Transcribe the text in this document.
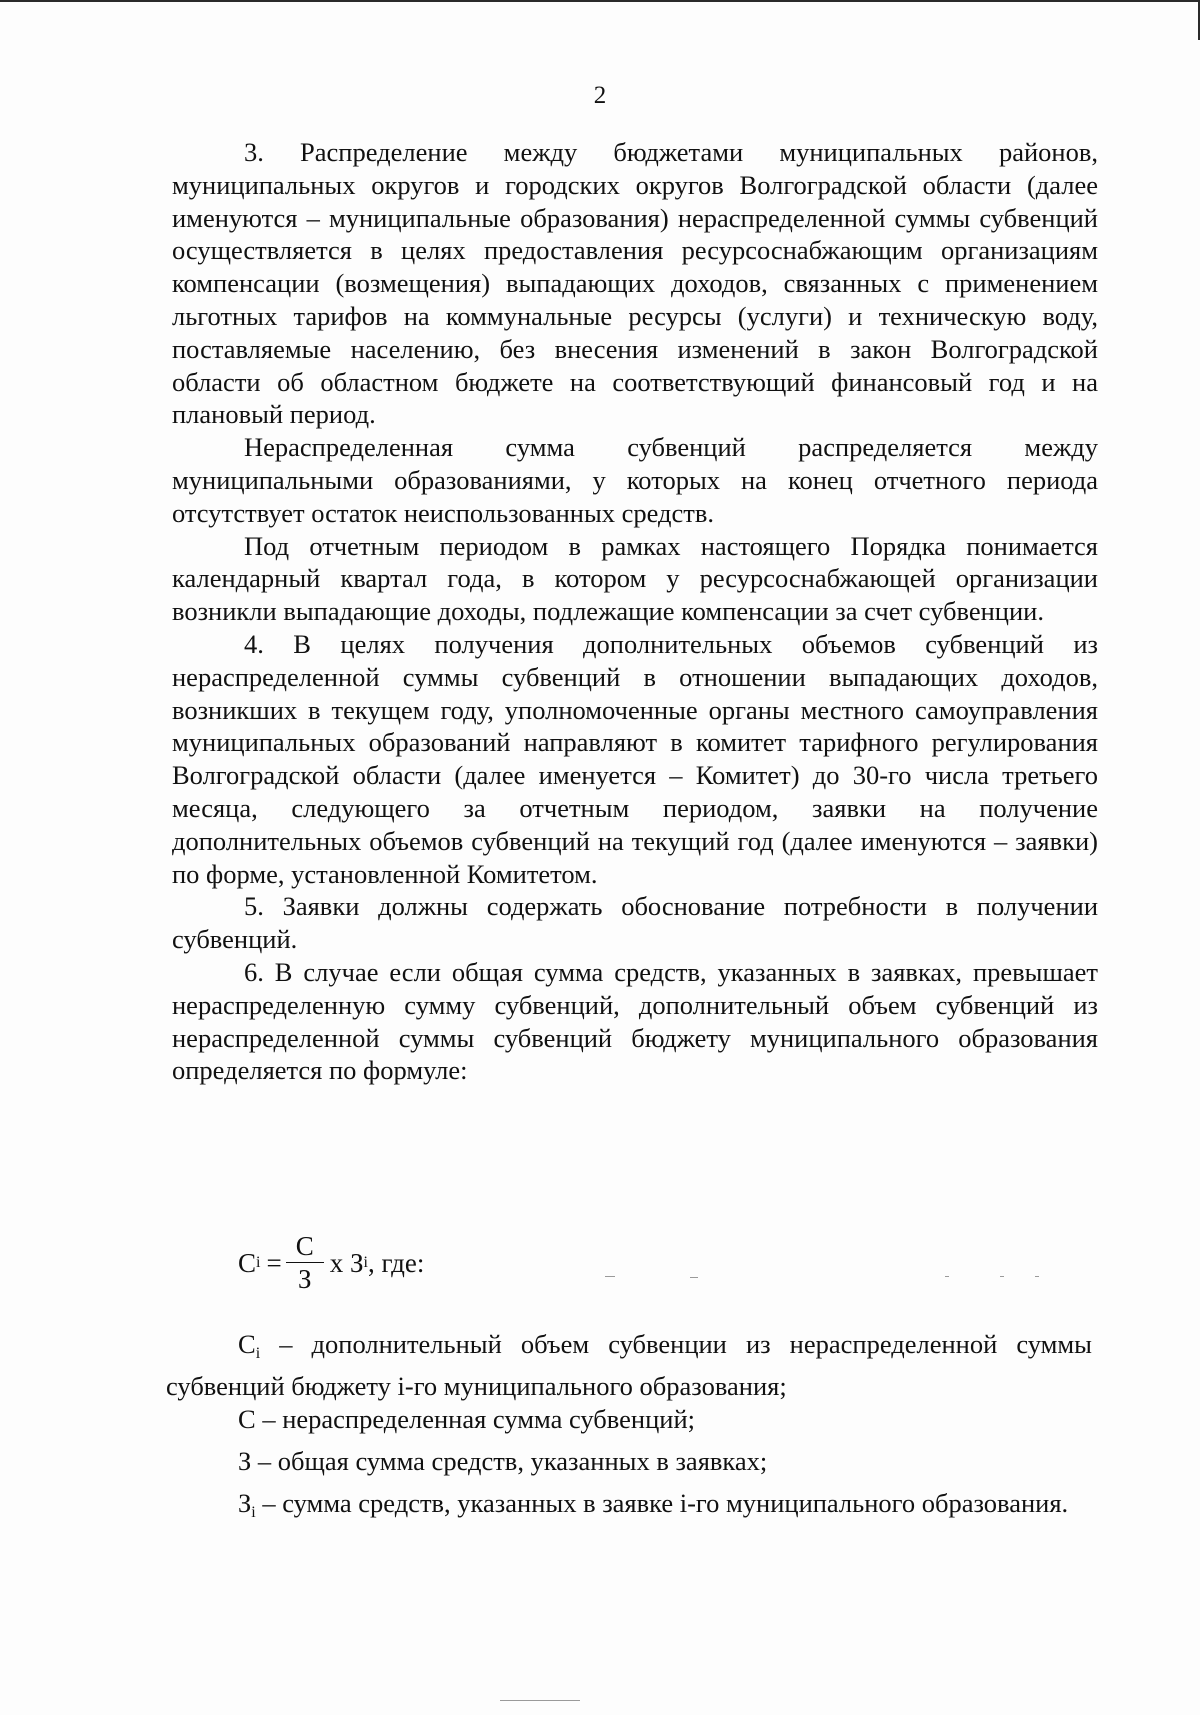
2

3. Распределение между бюджетами муниципальных районов, муниципальных округов и городских округов Волгоградской области (далее именуются – муниципальные образования) нераспределенной суммы субвенций осуществляется в целях предоставления ресурсоснабжающим организациям компенсации (возмещения) выпадающих доходов, связанных с применением льготных тарифов на коммунальные ресурсы (услуги) и техническую воду, поставляемые населению, без внесения изменений в закон Волгоградской области об областном бюджете на соответствующий финансовый год и на плановый период.

Нераспределенная сумма субвенций распределяется между муниципальными образованиями, у которых на конец отчетного периода отсутствует остаток неиспользованных средств.

Под отчетным периодом в рамках настоящего Порядка понимается календарный квартал года, в котором у ресурсоснабжающей организации возникли выпадающие доходы, подлежащие компенсации за счет субвенции.

4. В целях получения дополнительных объемов субвенций из нераспределенной суммы субвенций в отношении выпадающих доходов, возникших в текущем году, уполномоченные органы местного самоуправления муниципальных образований направляют в комитет тарифного регулирования Волгоградской области (далее именуется – Комитет) до 30-го числа третьего месяца, следующего за отчетным периодом, заявки на получение дополнительных объемов субвенций на текущий год (далее именуются – заявки) по форме, установленной Комитетом.

5. Заявки должны содержать обоснование потребности в получении субвенций.

6. В случае если общая сумма средств, указанных в заявках, превышает нераспределенную сумму субвенций, дополнительный объем субвенций из нераспределенной суммы субвенций бюджету муниципального образования определяется по формуле:

C $i = \frac{C}{З}$ x З i , где:

$C_i$ – дополнительный объем субвенции из нераспределенной суммы субвенций бюджету i-го муниципального образования;

C – нераспределенная сумма субвенций;

З – общая сумма средств, указанных в заявках;

$З_i$ – сумма средств, указанных в заявке i-го муниципального образования.
